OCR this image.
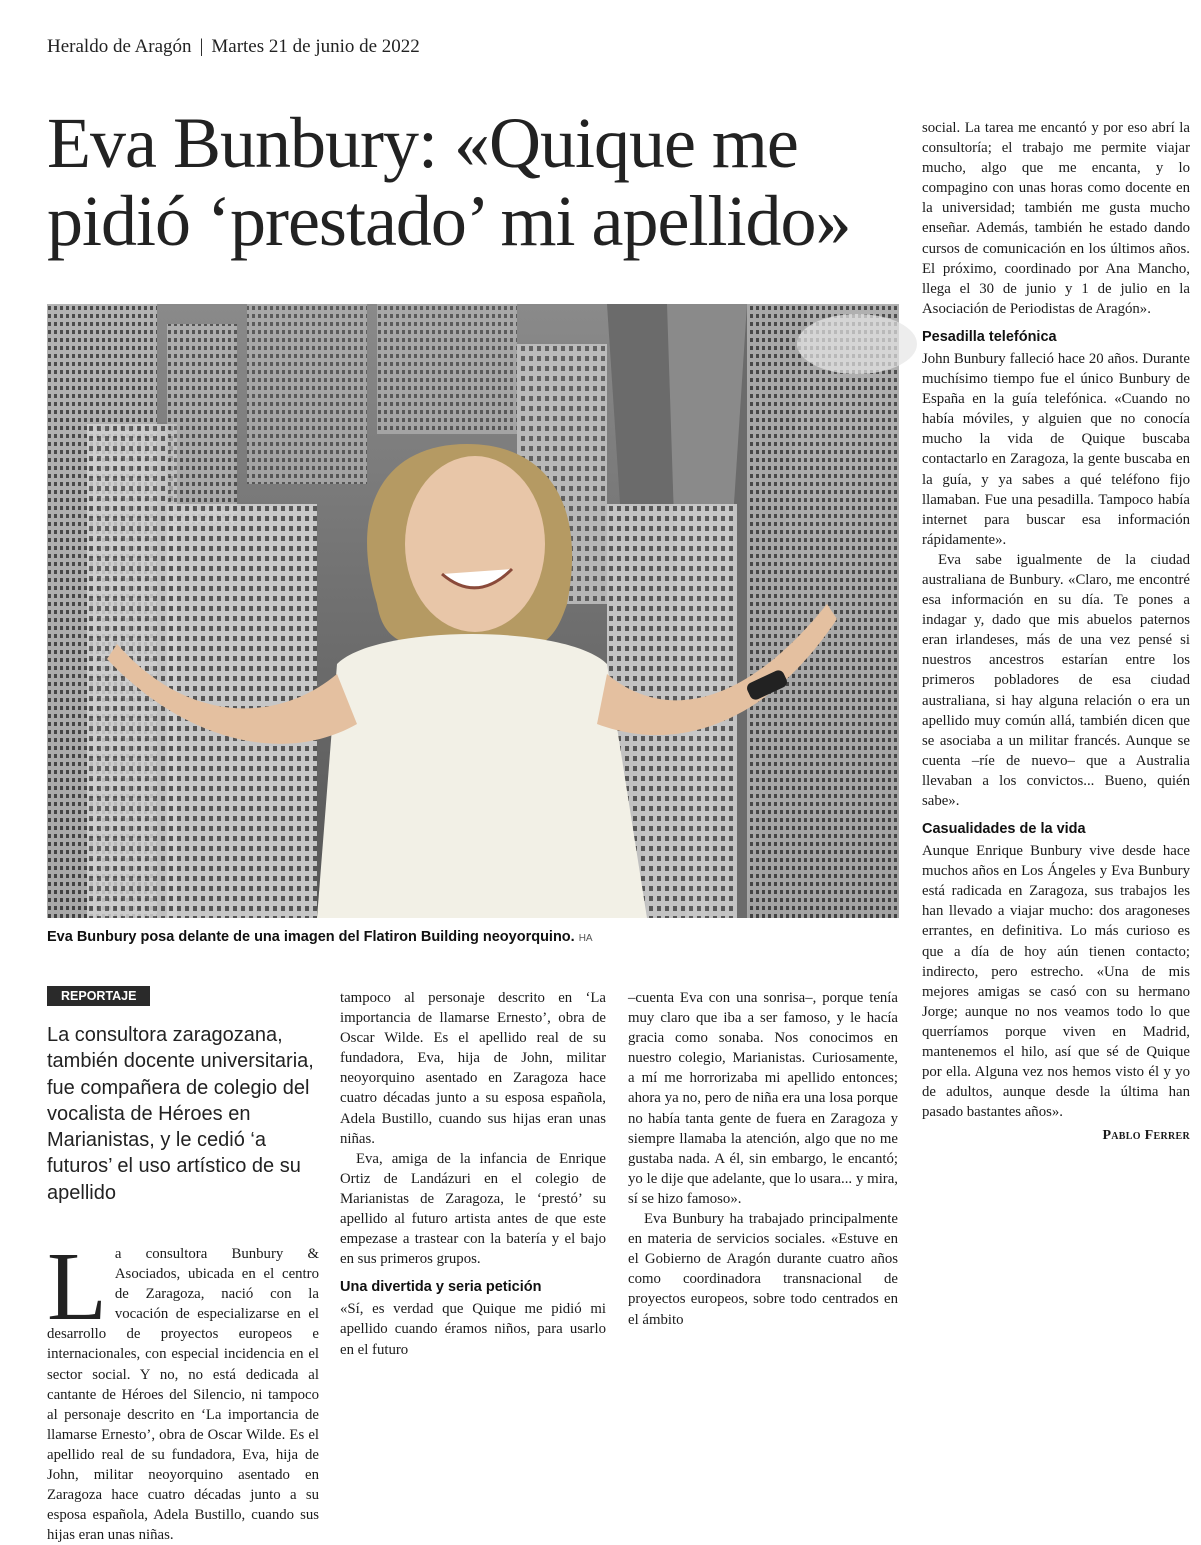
Heraldo de Aragón | Martes 21 de junio de 2022
Eva Bunbury: «Quique me pidió ‘prestado’ mi apellido»
Eva Bunbury posa delante de una imagen del Flatiron Building neoyorquino. HA
REPORTAJE
La consultora zaragozana, también docente universitaria, fue compañera de colegio del vocalista de Héroes en Marianistas, y le cedió ‘a futuros’ el uso artístico de su apellido
L a consultora Bunbury & Asociados, ubicada en el centro de Zaragoza, nació con la vocación de especializarse en el desarrollo de proyectos europeos e internacionales, con especial incidencia en el sector social. Y no, no está dedicada al cantante de Héroes del Silencio, ni tampoco al personaje descrito en ‘La importancia de llamarse Ernesto’, obra de Oscar Wilde. Es el apellido real de su fundadora, Eva, hija de John, militar neoyorquino asentado en Zaragoza hace cuatro décadas junto a su esposa española, Adela Bustillo, cuando sus hijas eran unas niñas.

tampoco al personaje descrito en ‘La importancia de llamarse Ernesto’, obra de Oscar Wilde. Es el apellido real de su fundadora, Eva, hija de John, militar neoyorquino asentado en Zaragoza hace cuatro décadas junto a su esposa española, Adela Bustillo, cuando sus hijas eran unas niñas.

Eva, amiga de la infancia de Enrique Ortiz de Landázuri en el colegio de Marianistas de Zaragoza, le ‘prestó’ su apellido al futuro artista antes de que este empezase a trastear con la batería y el bajo en sus primeros grupos.

Una divertida y seria petición

«Sí, es verdad que Quique me pidió mi apellido cuando éramos niños, para usarlo en el futuro

–cuenta Eva con una sonrisa–, porque tenía muy claro que iba a ser famoso, y le hacía gracia como sonaba. Nos conocimos en nuestro colegio, Marianistas. Curiosamente, a mí me horrorizaba mi apellido entonces; ahora ya no, pero de niña era una losa porque no había tanta gente de fuera en Zaragoza y siempre llamaba la atención, algo que no me gustaba nada. A él, sin embargo, le encantó; yo le dije que adelante, que lo usara... y mira, sí se hizo famoso».

Eva Bunbury ha trabajado principalmente en materia de servicios sociales. «Estuve en el Gobierno de Aragón durante cuatro años como coordinadora transnacional de proyectos europeos, sobre todo centrados en el ámbito

social. La tarea me encantó y por eso abrí la consultoría; el trabajo me permite viajar mucho, algo que me encanta, y lo compagino con unas horas como docente en la universidad; también me gusta mucho enseñar. Además, también he estado dando cursos de comunicación en los últimos años. El próximo, coordinado por Ana Mancho, llega el 30 de junio y 1 de julio en la Asociación de Periodistas de Aragón».

Pesadilla telefónica

John Bunbury falleció hace 20 años. Durante muchísimo tiempo fue el único Bunbury de España en la guía telefónica. «Cuando no había móviles, y alguien que no conocía mucho la vida de Quique buscaba contactarlo en Zaragoza, la gente buscaba en la guía, y ya sabes a qué teléfono fijo llamaban. Fue una pesadilla. Tampoco había internet para buscar esa información rápidamente».

Eva sabe igualmente de la ciudad australiana de Bunbury. «Claro, me encontré esa información en su día. Te pones a indagar y, dado que mis abuelos paternos eran irlandeses, más de una vez pensé si nuestros ancestros estarían entre los primeros pobladores de esa ciudad australiana, si hay alguna relación o era un apellido muy común allá, también dicen que se asociaba a un militar francés. Aunque se cuenta –ríe de nuevo– que a Australia llevaban a los convictos... Bueno, quién sabe».

Casualidades de la vida

Aunque Enrique Bunbury vive desde hace muchos años en Los Ángeles y Eva Bunbury está radicada en Zaragoza, sus trabajos les han llevado a viajar mucho: dos aragoneses errantes, en definitiva. Lo más curioso es que a día de hoy aún tienen contacto; indirecto, pero estrecho. «Una de mis mejores amigas se casó con su hermano Jorge; aunque no nos veamos todo lo que querríamos porque viven en Madrid, mantenemos el hilo, así que sé de Quique por ella. Alguna vez nos hemos visto él y yo de adultos, aunque desde la última han pasado bastantes años».

Pablo Ferrer
